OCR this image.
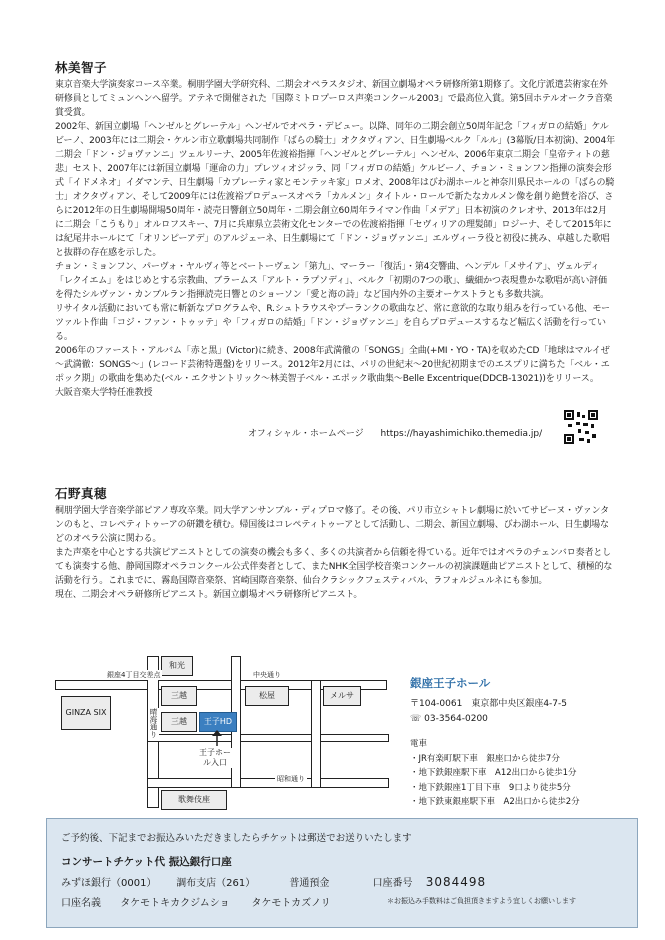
林美智子

東京音楽大学演奏家コース卒業。桐朋学園大学研究科、二期会オペラスタジオ、新国立劇場オペラ研修所第1期修了。文化庁派遣芸術家在外研修員としてミュンヘンへ留学。アテネで開催された「国際ミトロプーロス声楽コンクール2003」で最高位入賞。第5回ホテルオークラ音楽賞受賞。

2002年、新国立劇場「ヘンゼルとグレーテル」ヘンゼルでオペラ・デビュー。以降、同年の二期会創立50周年記念「フィガロの結婚」ケルビーノ、2003年には二期会・ケルン市立歌劇場共同制作「ばらの騎士」オクタヴィアン、日生劇場ベルク「ルル」(3幕版/日本初演)、2004年二期会「ドン・ジョヴァンニ」ツェルリーナ、2005年佐渡裕指揮「ヘンゼルとグレーテル」ヘンゼル、2006年東京二期会「皇帝ティトの慈悲」セスト、2007年には新国立劇場「運命の力」プレツィオジッラ、同「フィガロの結婚」ケルビーノ、チョン・ミョンフン指揮の演奏会形式「イドメネオ」イダマンテ、日生劇場「カプレーティ家とモンテッキ家」ロメオ、2008年はびわ湖ホールと神奈川県民ホールの「ばらの騎士」オクタヴィアン、そして2009年には佐渡裕プロデュースオペラ「カルメン」タイトル・ロールで新たなカルメン像を創り絶賛を浴び、さらに2012年の日生劇場開場50周年・読売日響創立50周年・二期会創立60周年ライマン作曲「メデア」日本初演のクレオサ、2013年は2月に二期会「こうもり」オルロフスキー、7月に兵庫県立芸術文化センターでの佐渡裕指揮「セヴィリアの理髪師」ロジーナ、そして2015年には紀尾井ホールにて「オリンピーアデ」のアルジェーネ、日生劇場にて「ドン・ジョヴァンニ」エルヴィーラ役と初役に挑み、卓越した歌唱と抜群の存在感を示した。

チョン・ミョンフン、パーヴォ・ヤルヴィ等とベートーヴェン「第九」、マーラー「復活」・第4交響曲、ヘンデル「メサイア」、ヴェルディ「レクイエム」をはじめとする宗教曲、ブラームス「アルト・ラプソディ」、ベルク「初期の7つの歌」、繊細かつ表現豊かな歌唱が高い評価を得たシルヴァン・カンブルラン指揮読売日響とのショーソン「愛と海の詩」など国内外の主要オーケストラとも多数共演。

リサイタル活動においても常に斬新なプログラムや、R.シュトラウスやプーランクの歌曲など、常に意欲的な取り組みを行っている他、モーツァルト作曲「コジ・ファン・トゥッテ」や「フィガロの結婚」「ドン・ジョヴァンニ」を自らプロデュースするなど幅広く活動を行っている。

2006年のファースト・アルバム「赤と黒」(Victor)に続き、2008年武満徹の「SONGS」全曲(+MI・YO・TA)を収めたCD「地球はマルイぜ～武満徹：SONGS～」(レコード芸術特選盤)をリリース。2012年2月には、パリの世紀末～20世紀初期までのエスプリに満ちた「ベル・エポック期」の歌曲を集めた(ベル・エクサントリック～林美智子ベル・エポック歌曲集～Belle Excentrique(DDCB-13021))をリリース。

大阪音楽大学特任准教授

オフィシャル・ホームページ https://hayashimichiko.themedia.jp/
石野真穂

桐朋学園大学音楽学部ピアノ専攻卒業。同大学アンサンブル・ディプロマ修了。その後、パリ市立シャトレ劇場に於いてサビーヌ・ヴァンタンのもと、コレペティトゥーアの研鑽を積む。帰国後はコレペティトゥーアとして活動し、二期会、新国立劇場、びわ湖ホール、日生劇場などのオペラ公演に関わる。

また声楽を中心とする共演ピアニストとしての演奏の機会も多く、多くの共演者から信頼を得ている。近年ではオペラのチェンバロ奏者としても演奏する他、静岡国際オペラコンクール公式伴奏者として、またNHK全国学校音楽コンクールの初演課題曲ピアニストとして、積極的な活動を行う。これまでに、霧島国際音楽祭、宮崎国際音楽祭、仙台クラシックフェスティバル、ラフォルジュルネにも参加。

現在、二期会オペラ研修所ピアニスト。新国立劇場オペラ研修所ピアニスト。

和光
GINZA SIX
三越	松屋	メルサ
三越	王子HD
歌舞伎座
銀座4丁目交差点	中央通り
晴海通り
王子ホール入口
昭和通り
銀座王子ホール
〒104-0061　東京都中央区銀座4-7-5
☏ 03-3564-0200
電車
・JR有楽町駅下車　銀座口から徒歩7分
・地下鉄銀座駅下車　A12出口から徒歩1分
・地下鉄銀座1丁目下車　9口より徒歩5分
・地下鉄東銀座駅下車　A2出口から徒歩2分
ご予約後、下記までお振込みいただきましたらチケットは郵送でお送りいたします
コンサートチケット代 振込銀行口座
みずほ銀行（0001） 調布支店（261）	普通預金	口座番号 3084498
口座名義 タケモトキカクジムショ タケモトカズノリ	＊お振込み手数料はご負担頂きますよう宜しくお願いします
